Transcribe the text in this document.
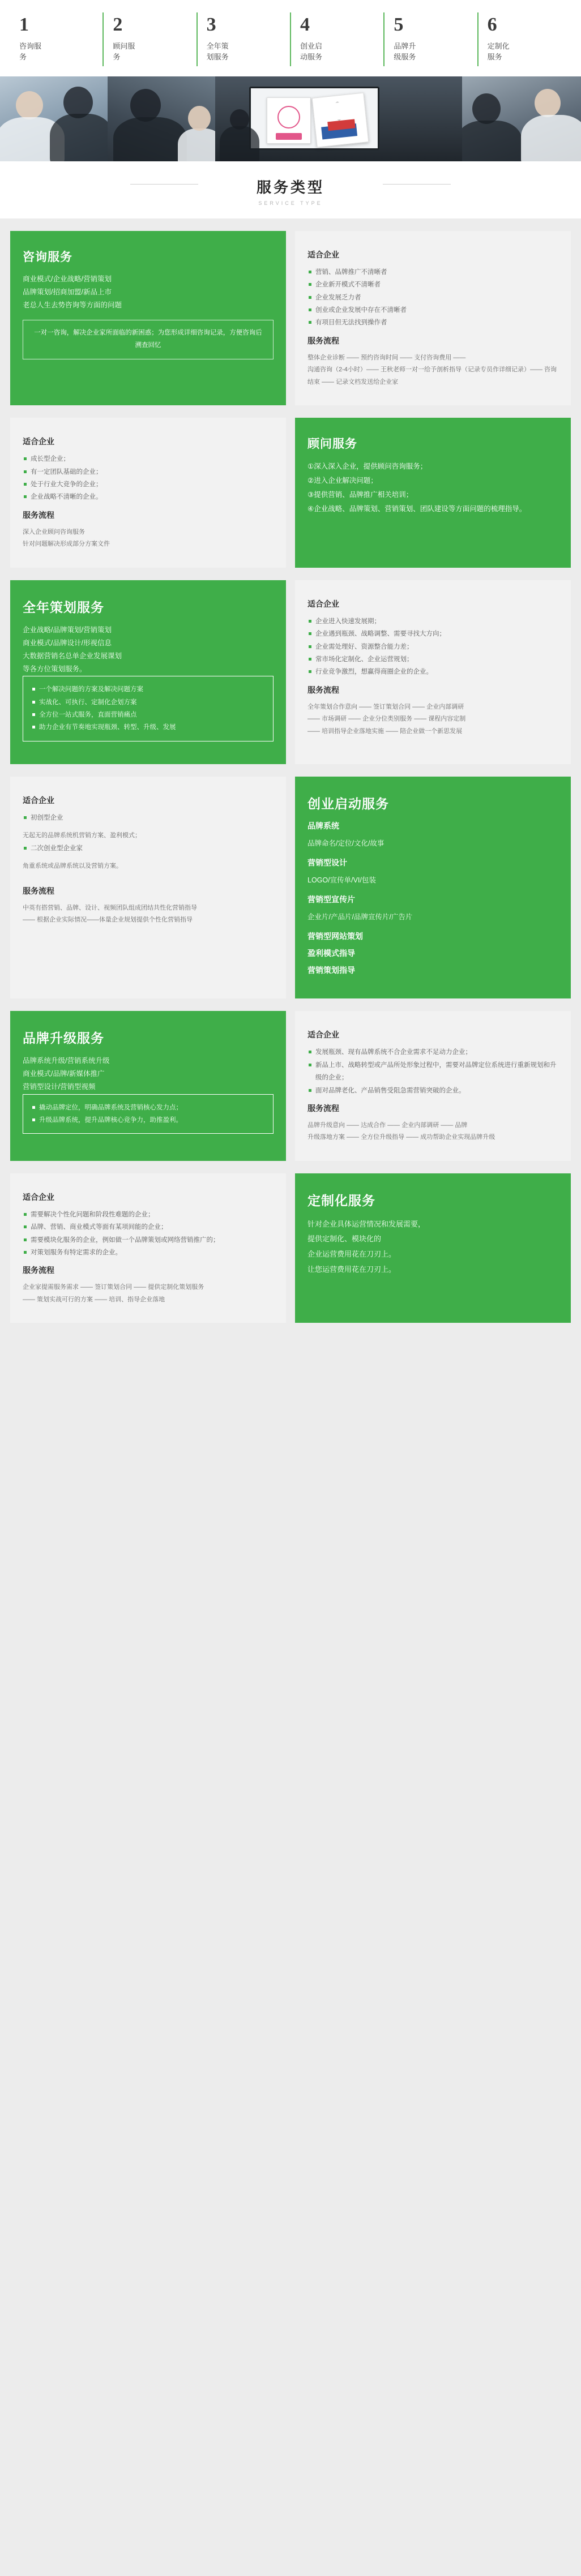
1
咨询服务
2
顾问服务
3
全年策划服务
4
创业启动服务
5
品牌升级服务
6
定制化服务
服务类型
SERVICE TYPE
咨询服务

商业模式/企业战略/营销策划

品牌策划/招商加盟/新品上市

老总人生去势咨询等方面的问题

一对一咨询，解决企业家所面临的新困惑；为您形成详细咨询记录，方便咨询后溯查回忆

适合企业
营销、品牌推广不清晰者
企业新开模式不清晰者
企业发展乏力者
创业或企业发展中存在不清晰者
有项目但无法找到操作者
服务流程

整体企业诊断 —— 预约咨询时间 —— 支付咨询费用 ——

沟通咨询（2-4小时）—— 王秋老师一对一给予剖析指导（记录专员作详细记录）—— 咨询结束 —— 记录文档发送给企业家

适合企业
成长型企业；
有一定团队基础的企业；
处于行业大竞争的企业；
企业战略不清晰的企业。
服务流程

深入企业顾问咨询服务

针对问题解决形成部分方案文件

顾问服务

①深入深入企业，提供顾问咨询服务；

②进入企业解决问题；

③提供营销、品牌推广相关培训；

④企业战略、品牌策划、营销策划、团队建设等方面问题的梳理指导。

全年策划服务

企业战略/品牌策划/营销策划

商业模式/品牌设计/形视信息

大数据营销名总单企业发展课划

等各方位策划服务。

一个解决问题的方案及解决问题方案
实战化、可执行、定制化企划方案
全方位一站式服务，直面营销痛点
助力企业有节奏地实现瓶颈、转型、升级、发展
适合企业
企业进入快速发展期；
企业遇到瓶颈、战略调整、需要寻找大方向；
企业需处理好、资源整合能力差；
常市场化定制化、企业运营规划；
行业竞争激烈，想赢得商圈企业的企业。
服务流程

全年策划合作意向 —— 签订策划合同 —— 企业内部调研

—— 市场调研 —— 企业分位类别服务 —— 课程内容定制

—— 培训指导企业落地实施 —— 陪企业做一个新思发展

适合企业
初创型企业

无起无的品牌系统机营销方案、盈利模式；

二次创业型企业家

角重系统或品牌系统以及营销方案。

服务流程

中英有搭营销、品牌、设计、视频团队组成团结共性化营销指导

—— 根据企业实际情况——体量企业规划提供个性化营销指导

创业启动服务
品牌系统

品牌命名/定位/文化/故事

营销型设计

LOGO/宣传单/VI/包装

营销型宣传片

企业片/产品片/品牌宣传片/广告片

营销型网站策划
盈利模式指导
营销策划指导
品牌升级服务

品牌系统升级/营销系统升级

商业模式/品牌/新媒体推广

营销型设计/营销型视频

撬动品牌定位，明确品牌系统及营销核心发力点；
升级品牌系统，提升品牌核心竞争力，助推盈利。
适合企业
发展瓶颈、现有品牌系统不合企业需求不足动力企业；
新品上市、战略转型或产品所处形象过程中，需要对品牌定位系统进行重新规划和升级的企业；
面对品牌老化、产品销售受阻急需营销突破的企业。
服务流程

品牌升级意向 —— 达成合作 —— 企业内部调研 —— 品牌

升级落地方案 —— 全方位升级指导 —— 成功帮助企业实现品牌升级

适合企业
需要解决个性化问题和阶段性难题的企业；
品牌、营销、商业模式等面有某项间能的企业；
需要模块化服务的企业，例如做一个品牌策划或网络营销推广的；
对策划服务有特定需求的企业。
服务流程

企业家提需服务需求 —— 签订策划合同 —— 提供定制化策划服务

—— 策划实战可行的方案 —— 培训、指导企业落地

定制化服务

针对企业具体运营情况和发展需要，

提供定制化、模块化的

企业运营费用花在刀刃上。

让您运营费用花在刀刃上。
